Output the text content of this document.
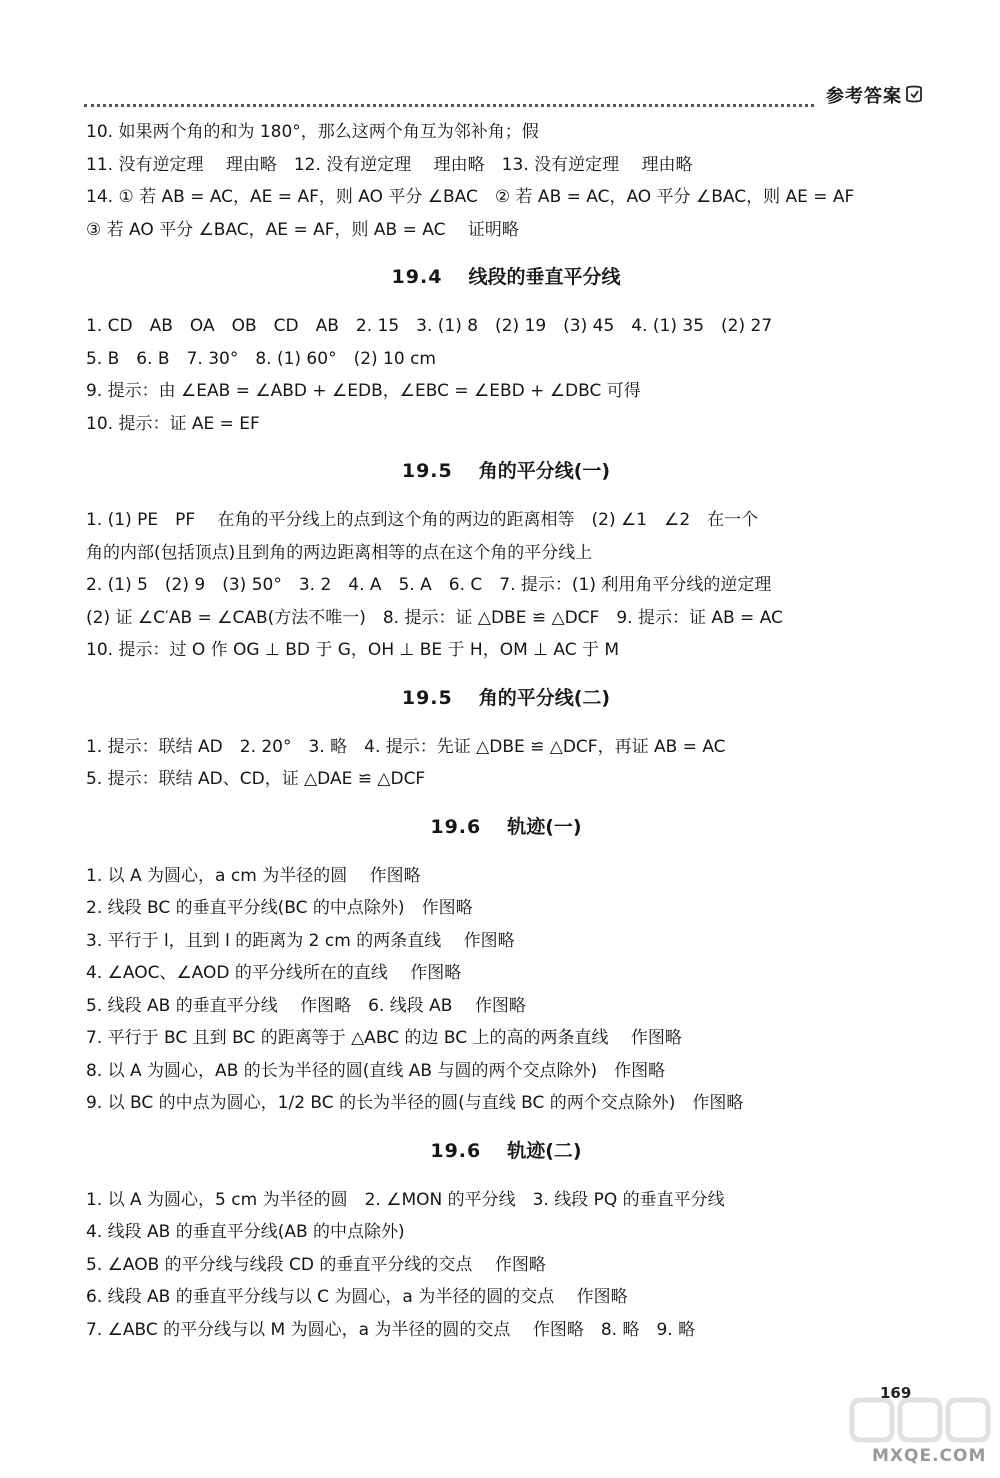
参考答案
10. 如果两个角的和为 180°，那么这两个角互为邻补角；假
11. 没有逆定理　 理由略　12. 没有逆定理　 理由略　13. 没有逆定理　 理由略
14. ① 若 AB = AC，AE = AF，则 AO 平分 ∠BAC　② 若 AB = AC，AO 平分 ∠BAC，则 AE = AF
③ 若 AO 平分 ∠BAC，AE = AF，则 AB = AC　 证明略
19.4 线段的垂直平分线
1. CD　AB　OA　OB　CD　AB　2. 15　3. (1) 8　(2) 19　(3) 45　4. (1) 35　(2) 27
5. B　6. B　7. 30°　8. (1) 60°　(2) 10 cm
9. 提示：由 ∠EAB = ∠ABD + ∠EDB，∠EBC = ∠EBD + ∠DBC 可得
10. 提示：证 AE = EF
19.5 角的平分线(一)
1. (1) PE　PF　 在角的平分线上的点到这个角的两边的距离相等　(2) ∠1　∠2　在一个
角的内部(包括顶点)且到角的两边距离相等的点在这个角的平分线上
2. (1) 5　(2) 9　(3) 50°　3. 2　4. A　5. A　6. C　7. 提示：(1) 利用角平分线的逆定理
(2) 证 ∠C′AB = ∠CAB(方法不唯一)　8. 提示：证 △DBE ≌ △DCF　9. 提示：证 AB = AC
10. 提示：过 O 作 OG ⊥ BD 于 G，OH ⊥ BE 于 H，OM ⊥ AC 于 M
19.5 角的平分线(二)
1. 提示：联结 AD　2. 20°　3. 略　4. 提示：先证 △DBE ≌ △DCF，再证 AB = AC
5. 提示：联结 AD、CD，证 △DAE ≌ △DCF
19.6 轨迹(一)
1. 以 A 为圆心，a cm 为半径的圆　 作图略
2. 线段 BC 的垂直平分线(BC 的中点除外)　作图略
3. 平行于 l，且到 l 的距离为 2 cm 的两条直线　 作图略
4. ∠AOC、∠AOD 的平分线所在的直线　 作图略
5. 线段 AB 的垂直平分线　 作图略　6. 线段 AB　 作图略
7. 平行于 BC 且到 BC 的距离等于 △ABC 的边 BC 上的高的两条直线　 作图略
8. 以 A 为圆心，AB 的长为半径的圆(直线 AB 与圆的两个交点除外)　作图略
9. 以 BC 的中点为圆心，1/2 BC 的长为半径的圆(与直线 BC 的两个交点除外)　作图略
19.6 轨迹(二)
1. 以 A 为圆心，5 cm 为半径的圆　2. ∠MON 的平分线　3. 线段 PQ 的垂直平分线
4. 线段 AB 的垂直平分线(AB 的中点除外)
5. ∠AOB 的平分线与线段 CD 的垂直平分线的交点　 作图略
6. 线段 AB 的垂直平分线与以 C 为圆心，a 为半径的圆的交点　 作图略
7. ∠ABC 的平分线与以 M 为圆心，a 为半径的圆的交点　 作图略　8. 略　9. 略
169
MXQE.COM
